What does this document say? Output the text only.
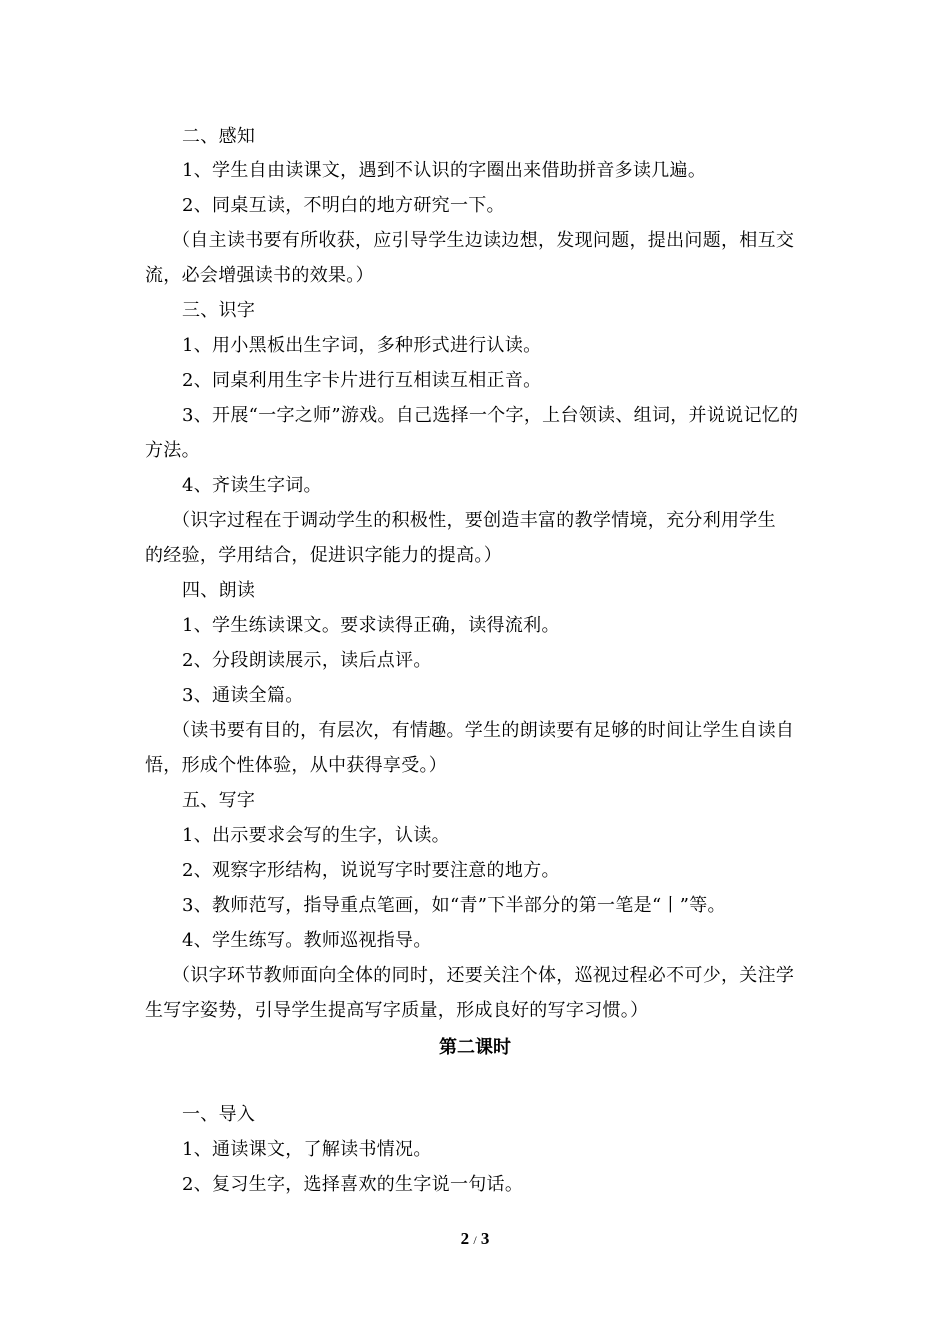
二、感知
1、学生自由读课文，遇到不认识的字圈出来借助拼音多读几遍。
2、同桌互读，不明白的地方研究一下。
（自主读书要有所收获，应引导学生边读边想，发现问题，提出问题，相互交
流，必会增强读书的效果。）
三、识字
1、用小黑板出生字词，多种形式进行认读。
2、同桌利用生字卡片进行互相读互相正音。
3、开展“一字之师”游戏。自己选择一个字，上台领读、组词，并说说记忆的
方法。
4、齐读生字词。
（识字过程在于调动学生的积极性，要创造丰富的教学情境，充分利用学生
的经验，学用结合，促进识字能力的提高。）
四、朗读
1、学生练读课文。要求读得正确，读得流利。
2、分段朗读展示，读后点评。
3、通读全篇。
（读书要有目的，有层次，有情趣。学生的朗读要有足够的时间让学生自读自
悟，形成个性体验，从中获得享受。）
五、写字
1、出示要求会写的生字，认读。
2、观察字形结构，说说写字时要注意的地方。
3、教师范写，指导重点笔画，如“青”下半部分的第一笔是“丨”等。
4、学生练写。教师巡视指导。
（识字环节教师面向全体的同时，还要关注个体，巡视过程必不可少，关注学
生写字姿势，引导学生提高写字质量，形成良好的写字习惯。）
第二课时
一、导入
1、通读课文，了解读书情况。
2、复习生字，选择喜欢的生字说一句话。
2 / 3
